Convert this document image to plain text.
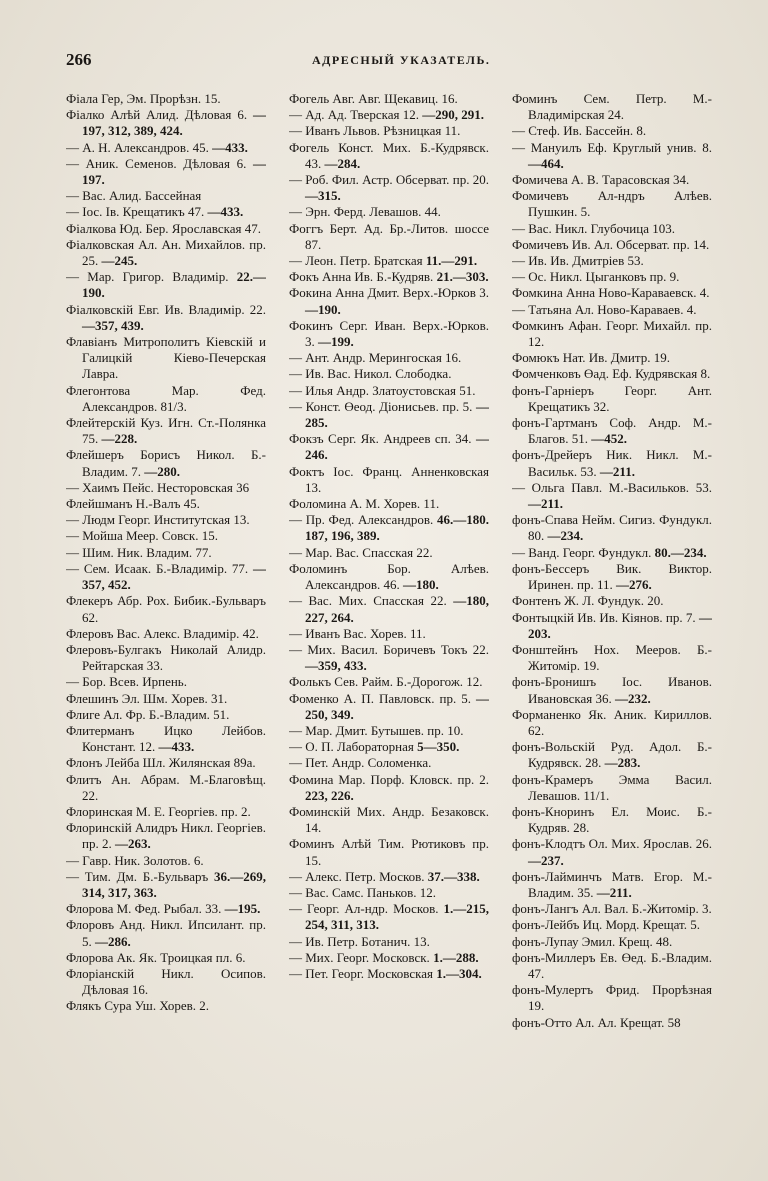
266	АДРЕСНЫЙ УКАЗАТЕЛЬ.

Фіала Гер, Эм. Прорѣзн. 15.

Фіалко Алѣй Алид. Дѣловая 6. —197, 312, 389, 424.

— А. Н. Александров. 45. —433.

— Аник. Семенов. Дѣловая 6. —197.

— Вас. Алид. Бассейная

— Іос. Ів. Крещатикъ 47. —433.

Фіалкова Юд. Бер. Ярославская 47.

Фіалковская Ал. Ан. Михайлов. пр. 25. —245.

— Мар. Григор. Владимір. 22.—190.

Фіалковскій Евг. Ив. Владимір. 22. —357, 439.

Флавіанъ Митрополитъ Кіевскій и Галицкій Кіево-Печерская Лавра.

Флегонтова Мар. Фед. Александров. 81/3.

Флейтерскій Куз. Игн. Ст.-Полянка 75. —228.

Флейшеръ Борисъ Никол. Б.-Владим. 7. —280.

— Хаимъ Пейс. Несторовская 36

Флейшманъ Н.-Валъ 45.

— Людм Георг. Институтская 13.

— Мойша Меер. Совск. 15.

— Шим. Ник. Владим. 77.

— Сем. Исаак. Б.-Владимір. 77. —357, 452.

Флекеръ Абр. Рох. Бибик.-Бульваръ 62.

Флеровъ Вас. Алекс. Владимір. 42.

Флеровъ-Булгакъ Николай Алидр. Рейтарская 33.

— Бор. Всев. Ирпень.

Флешинъ Эл. Шм. Хорев. 31.

Флиге Ал. Фр. Б.-Владим. 51.

Флитерманъ Ицко Лейбов. Констант. 12. —433.

Флонъ Лейба Шл. Жилянская 89а.

Флитъ Ан. Абрам. М.-Благовѣщ. 22.

Флоринская М. Е. Георгіев. пр. 2.

Флоринскій Алидръ Никл. Георгіев. пр. 2. —263.

— Гавр. Ник. Золотов. 6.

— Тим. Дм. Б.-Бульваръ 36.—269, 314, 317, 363.

Флорова М. Фед. Рыбал. 33. —195.

Флоровъ Анд. Никл. Ипсилант. пр. 5. —286.

Флорова Ак. Як. Троицкая пл. 6.

Флоріанскій Никл. Осипов. Дѣловая 16.

Флякъ Сура Уш. Хорев. 2.

Фогель Авг. Авг. Щекавиц. 16.

— Ад. Ад. Тверская 12. —290, 291.

— Иванъ Львов. Рѣзницкая 11.

Фогель Конст. Мих. Б.-Кудрявск. 43. —284.

— Роб. Фил. Астр. Обсерват. пр. 20. —315.

— Эрн. Ферд. Левашов. 44.

Фоггъ Берт. Ад. Бр.-Литов. шоссе 87.

— Леон. Петр. Братская 11.—291.

Фокъ Анна Ив. Б.-Кудряв. 21.—303.

Фокина Анна Дмит. Верх.-Юрков 3. —190.

Фокинъ Серг. Иван. Верх.-Юрков. 3. —199.

— Ант. Андр. Мерингоская 16.

— Ив. Вас. Никол. Слободка.

— Илья Андр. Златоустовская 51.

— Конст. Өеод. Діонисьев. пр. 5. —285.

Фокзъ Серг. Як. Андреев сп. 34. —246.

Фоктъ Іос. Франц. Анненковская 13.

Фоломина А. М. Хорев. 11.

— Пр. Фед. Александров. 46.—180. 187, 196, 389.

— Мар. Вас. Спасская 22.

Фоломинъ Бор. Алѣев. Александров. 46. —180.

— Вас. Мих. Спасская 22. —180, 227, 264.

— Иванъ Вас. Хорев. 11.

— Мих. Васил. Боричевъ Токъ 22. —359, 433.

Фолькъ Сев. Райм. Б.-Дорогож. 12.

Фоменко А. П. Павловск. пр. 5. —250, 349.

— Мар. Дмит. Бутышев. пр. 10.

— О. П. Лабораторная 5—350.

— Пет. Андр. Соломенка.

Фомина Мар. Порф. Кловск. пр. 2. 223, 226.

Фоминскій Мих. Андр. Безаковск. 14.

Фоминъ Алѣй Тим. Рютиковъ пр. 15.

— Алекс. Петр. Москов. 37.—338.

— Вас. Самс. Паньков. 12.

— Георг. Ал-ндр. Москов. 1.—215, 254, 311, 313.

— Ив. Петр. Ботанич. 13.

— Мих. Георг. Московск. 1.—288.

— Пет. Георг. Московская 1.—304.

Фоминъ Сем. Петр. М.-Владимірская 24.

— Стеф. Ив. Бассейн. 8.

— Мануилъ Еф. Круглый унив. 8. —464.

Фомичева А. В. Тарасовская 34.

Фомичевъ Ал-ндръ Алѣев. Пушкин. 5.

— Вас. Никл. Глубочица 103.

Фомичевъ Ив. Ал. Обсерват. пр. 14.

— Ив. Ив. Дмитріев 53.

— Ос. Никл. Цыганковъ пр. 9.

Фомкина Анна Ново-Караваевск. 4.

— Татьяна Ал. Ново-Караваев. 4.

Фомкинъ Афан. Георг. Михайл. пр. 12.

Фомюкъ Нат. Ив. Дмитр. 19.

Фомченковъ Өад. Еф. Кудрявская 8.

фонъ-Гарніеръ Георг. Ант. Крещатикъ 32.

фонъ-Гартманъ Соф. Андр. М.-Благов. 51. —452.

фонъ-Дрейеръ Ник. Никл. М.-Васильк. 53. —211.

— Ольга Павл. М.-Васильков. 53. —211.

фонъ-Спава Нейм. Сигиз. Фундукл. 80. —234.

— Ванд. Георг. Фундукл. 80.—234.

фонъ-Бессеръ Вик. Виктор. Иринен. пр. 11. —276.

Фонтенъ Ж. Л. Фундук. 20.

Фонтыцкій Ив. Ив. Кіянов. пр. 7. —203.

Фонштейнъ Нох. Мееров. Б.-Житомір. 19.

фонъ-Бронишъ Іос. Иванов. Ивановская 36. —232.

Форманенко Як. Аник. Кириллов. 62.

фонъ-Вольскій Руд. Адол. Б.-Кудрявск. 28. —283.

фонъ-Крамеръ Эмма Васил. Левашов. 11/1.

фонъ-Кноринъ Ел. Моис. Б.-Кудряв. 28.

фонъ-Клодтъ Ол. Мих. Ярослав. 26. —237.

фонъ-Лайминчъ Матв. Егор. М.-Владим. 35. —211.

фонъ-Лангъ Ал. Вал. Б.-Житомір. 3.

фонъ-Лейбъ Иц. Морд. Крещат. 5.

фонъ-Лупау Эмил. Крещ. 48.

фонъ-Миллеръ Ев. Өед. Б.-Владим. 47.

фонъ-Мулертъ Фрид. Прорѣзная 19.

фонъ-Отто Ал. Ал. Крещат. 58
